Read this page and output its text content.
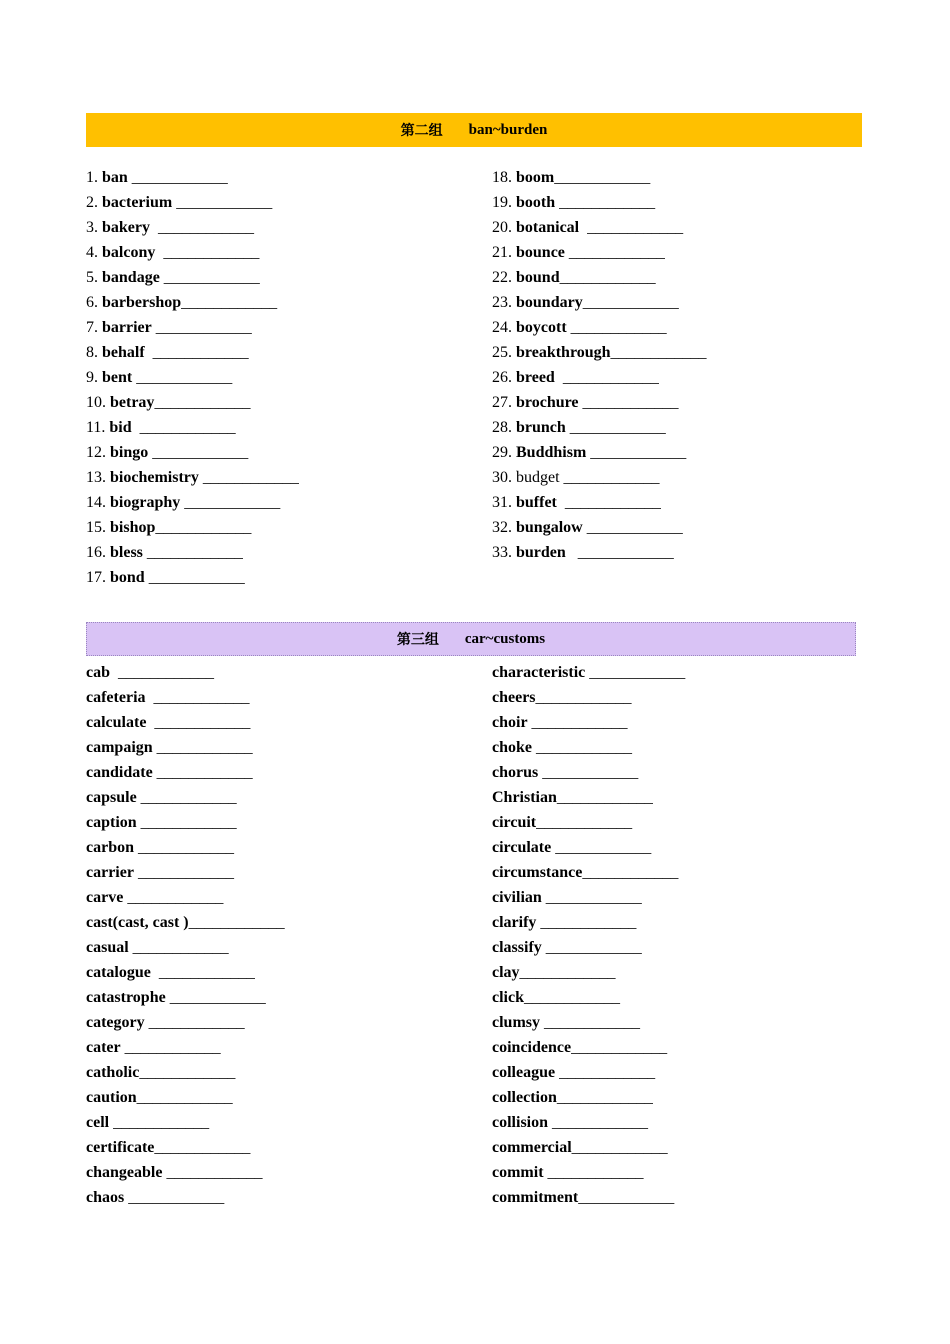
第二组 ban~burden
1. ban ____________
2. bacterium ____________
3. bakery  ____________
4. balcony  ____________
5. bandage ____________
6. barbershop____________
7. barrier ____________
8. behalf  ____________
9. bent ____________
10. betray____________
11. bid  ____________
12. bingo ____________
13. biochemistry ____________
14. biography ____________
15. bishop____________
16. bless ____________
17. bond ____________
18. boom____________
19. booth ____________
20. botanical  ____________
21. bounce ____________
22. bound____________
23. boundary____________
24. boycott ____________
25. breakthrough____________
26. breed  ____________
27. brochure ____________
28. brunch ____________
29. Buddhism ____________
30. budget ____________
31. buffet  ____________
32. bungalow ____________
33. burden   ____________
第三组 car~customs
cab  ____________
cafeteria  ____________
calculate  ____________
campaign ____________
candidate ____________
capsule ____________
caption ____________
carbon ____________
carrier ____________
carve ____________
cast(cast, cast )____________
casual ____________
catalogue  ____________
catastrophe ____________
category ____________
cater ____________
catholic____________
caution____________
cell ____________
certificate____________
changeable ____________
chaos ____________
characteristic ____________
cheers____________
choir ____________
choke ____________
chorus ____________
Christian____________
circuit____________
circulate ____________
circumstance____________
civilian ____________
clarify ____________
classify ____________
clay____________
click____________
clumsy ____________
coincidence____________
colleague ____________
collection____________
collision ____________
commercial____________
commit ____________
commitment____________
